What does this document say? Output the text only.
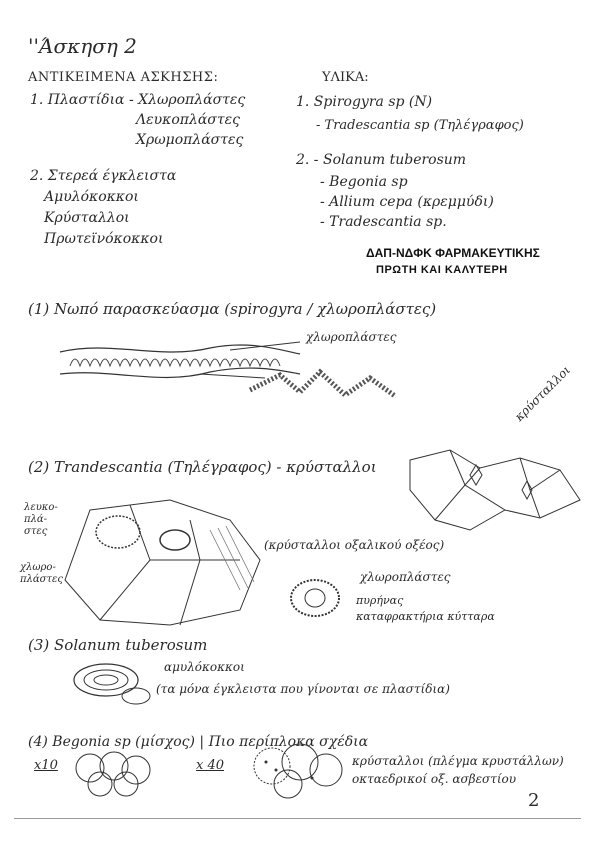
''Άσκηση 2
ΑΝΤΙΚΕΙΜΕΝΑ ΑΣΚΗΣΗΣ:
1. Πλαστίδια - Χλωροπλάστες
Λευκοπλάστες
Χρωμοπλάστες
2. Στερεά έγκλειστα
Αμυλόκοκκοι
Κρύσταλλοι
Πρωτεϊνόκοκκοι
ΥΛΙΚΑ:
1. Spirogyra sp (N)
- Tradescantia sp (Τηλέγραφος)
2. - Solanum tuberosum
- Begonia sp
- Allium cepa (κρεμμύδι)
- Tradescantia sp.
ΔΑΠ-ΝΔΦΚ ΦΑΡΜΑΚΕΥΤΙΚΗΣ
ΠΡΩΤΗ ΚΑΙ ΚΑΛΥΤΕΡΗ
(1) Νωπό παρασκεύασμα (spirogyra / χλωροπλάστες)
χλωροπλάστες
(2) Trandescantia (Τηλέγραφος) - κρύσταλλοι
κρύσταλλοι
λευκο-
πλά-
στες
χλωρο-
πλάστες
(κρύσταλλοι οξαλικού οξέος)
χλωροπλάστες
πυρήνας
καταφρακτήρια κύτταρα
(3) Solanum tuberosum
αμυλόκοκκοι
(τα μόνα έγκλειστα που γίνονται σε πλαστίδια)
(4) Begonia sp (μίσχος) | Πιο περίπλοκα σχέδια
x10	x 40	κρύσταλλοι (πλέγμα κρυστάλλων)
οκταεδρικοί οξ. ασβεστίου
2
